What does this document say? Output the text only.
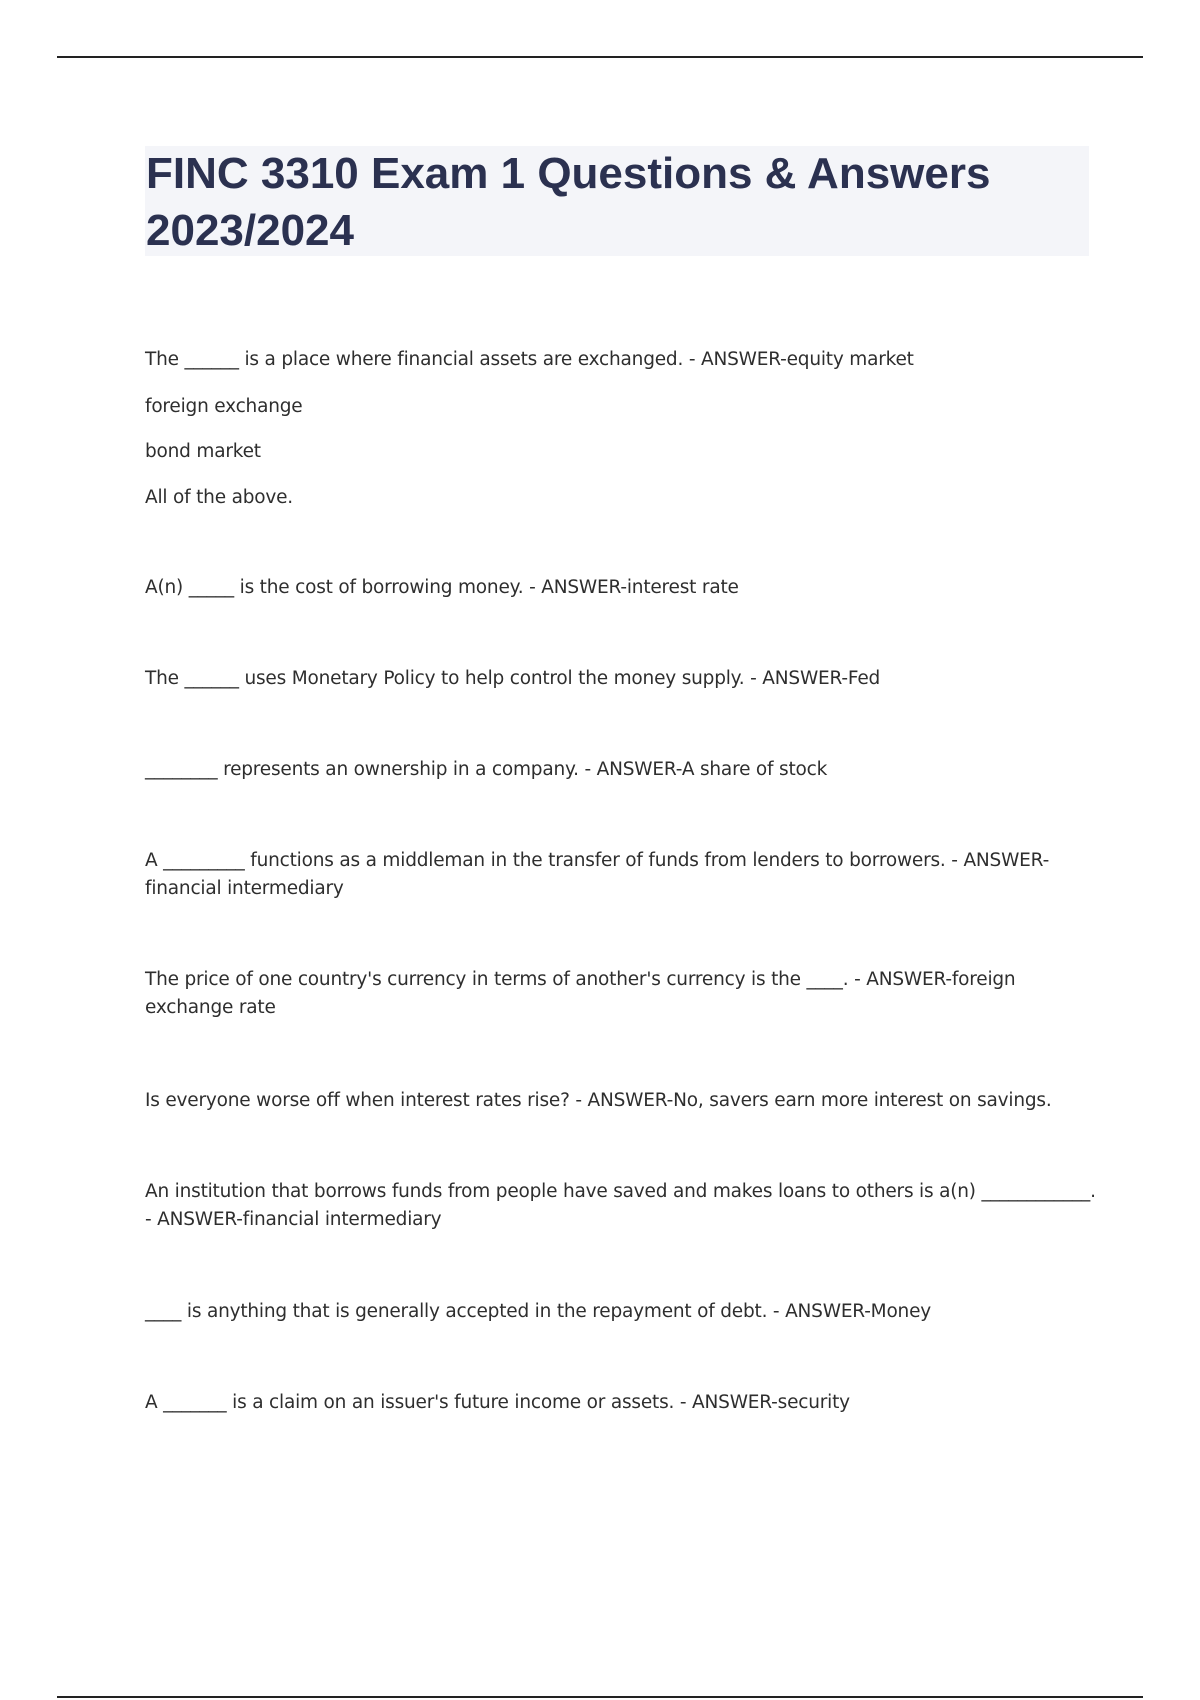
FINC 3310 Exam 1 Questions & Answers 2023/2024
The ______ is a place where financial assets are exchanged. - ANSWER-equity market
foreign exchange
bond market
All of the above.
A(n) _____ is the cost of borrowing money. - ANSWER-interest rate
The ______ uses Monetary Policy to help control the money supply. - ANSWER-Fed
________ represents an ownership in a company. - ANSWER-A share of stock
A _________ functions as a middleman in the transfer of funds from lenders to borrowers. - ANSWER-financial intermediary
The price of one country's currency in terms of another's currency is the ____. - ANSWER-foreign exchange rate
Is everyone worse off when interest rates rise? - ANSWER-No, savers earn more interest on savings.
An institution that borrows funds from people have saved and makes loans to others is a(n) ____________. - ANSWER-financial intermediary
____ is anything that is generally accepted in the repayment of debt. - ANSWER-Money
A _______ is a claim on an issuer's future income or assets. - ANSWER-security
